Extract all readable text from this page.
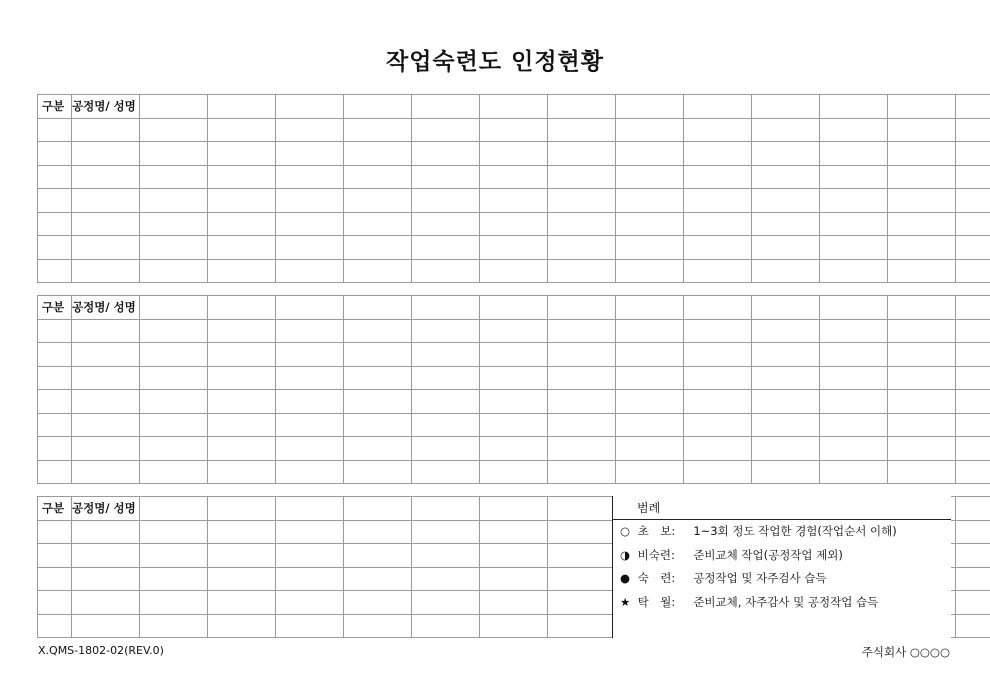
작업숙련도 인정현황
구분	공정명/ 성명													

구분	공정명/ 성명													

구분	공정명/ 성명													

															범례
○ 초　보: 1~3회 정도 작업한 경험(작업순서 이해)
◑ 비숙련: 준비교체 작업(공정작업 제외)
● 숙　련: 공정작업 및 자주검사 습득
★ 탁　월: 준비교체, 자주감사 및 공정작업 습득
X.QMS-1802-02(REV.0)	주식회사 ○○○○
